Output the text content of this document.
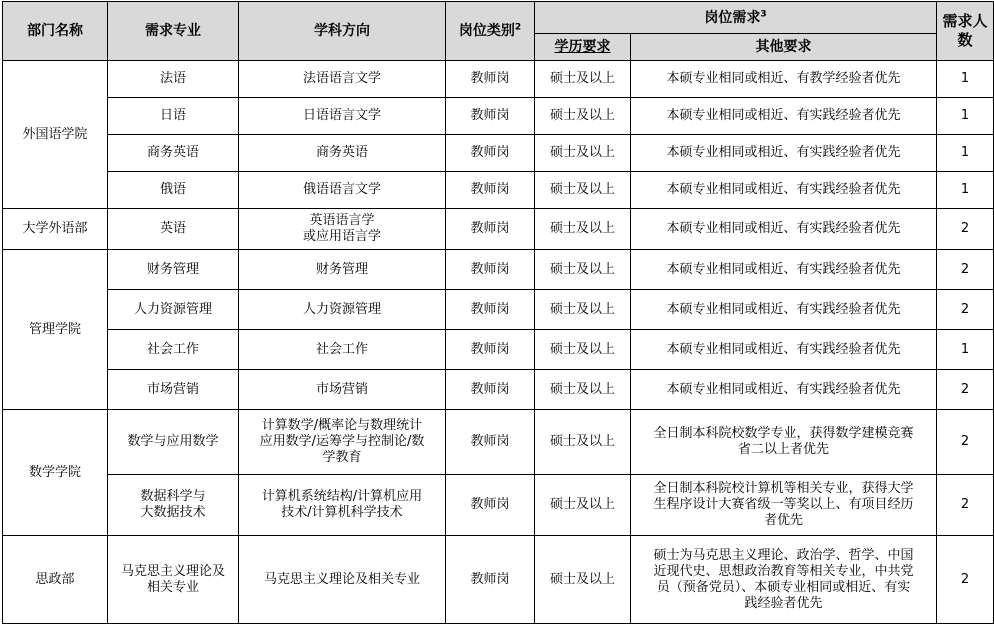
部门名称	需求专业	学科方向	岗位类别$^2$	岗位需求$^3$		需求人数
				学历要求	其他要求	
外国语学院	法语	法语语言文学	教师岗	硕士及以上	本硕专业相同或相近、有教学经验者优先	1
	日语	日语语言文学	教师岗	硕士及以上	本硕专业相同或相近、有实践经验者优先	1
	商务英语	商务英语	教师岗	硕士及以上	本硕专业相同或相近、有实践经验者优先	1
	俄语	俄语语言文学	教师岗	硕士及以上	本硕专业相同或相近、有实践经验者优先	1
大学外语部	英语	英语语言学
或应用语言学	教师岗	硕士及以上	本硕专业相同或相近、有实践经验者优先	2
管理学院	财务管理	财务管理	教师岗	硕士及以上	本硕专业相同或相近、有实践经验者优先	2
	人力资源管理	人力资源管理	教师岗	硕士及以上	本硕专业相同或相近、有实践经验者优先	2
	社会工作	社会工作	教师岗	硕士及以上	本硕专业相同或相近、有实践经验者优先	1
	市场营销	市场营销	教师岗	硕士及以上	本硕专业相同或相近、有实践经验者优先	2
数学学院	数学与应用数学	计算数学/概率论与数理统计
应用数学/运筹学与控制论/数
学教育	教师岗	硕士及以上	全日制本科院校数学专业，获得数学建模竞赛
省二以上者优先	2
	数据科学与
大数据技术	计算机系统结构/计算机应用
技术/计算机科学技术	教师岗	硕士及以上	全日制本科院校计算机等相关专业，获得大学
生程序设计大赛省级一等奖以上、有项目经历
者优先	2
思政部	马克思主义理论及
相关专业	马克思主义理论及相关专业	教师岗	硕士及以上	硕士为马克思主义理论、政治学、哲学、中国
近现代史、思想政治教育等相关专业，中共党
员（预备党员）、本硕专业相同或相近、有实
践经验者优先	2
